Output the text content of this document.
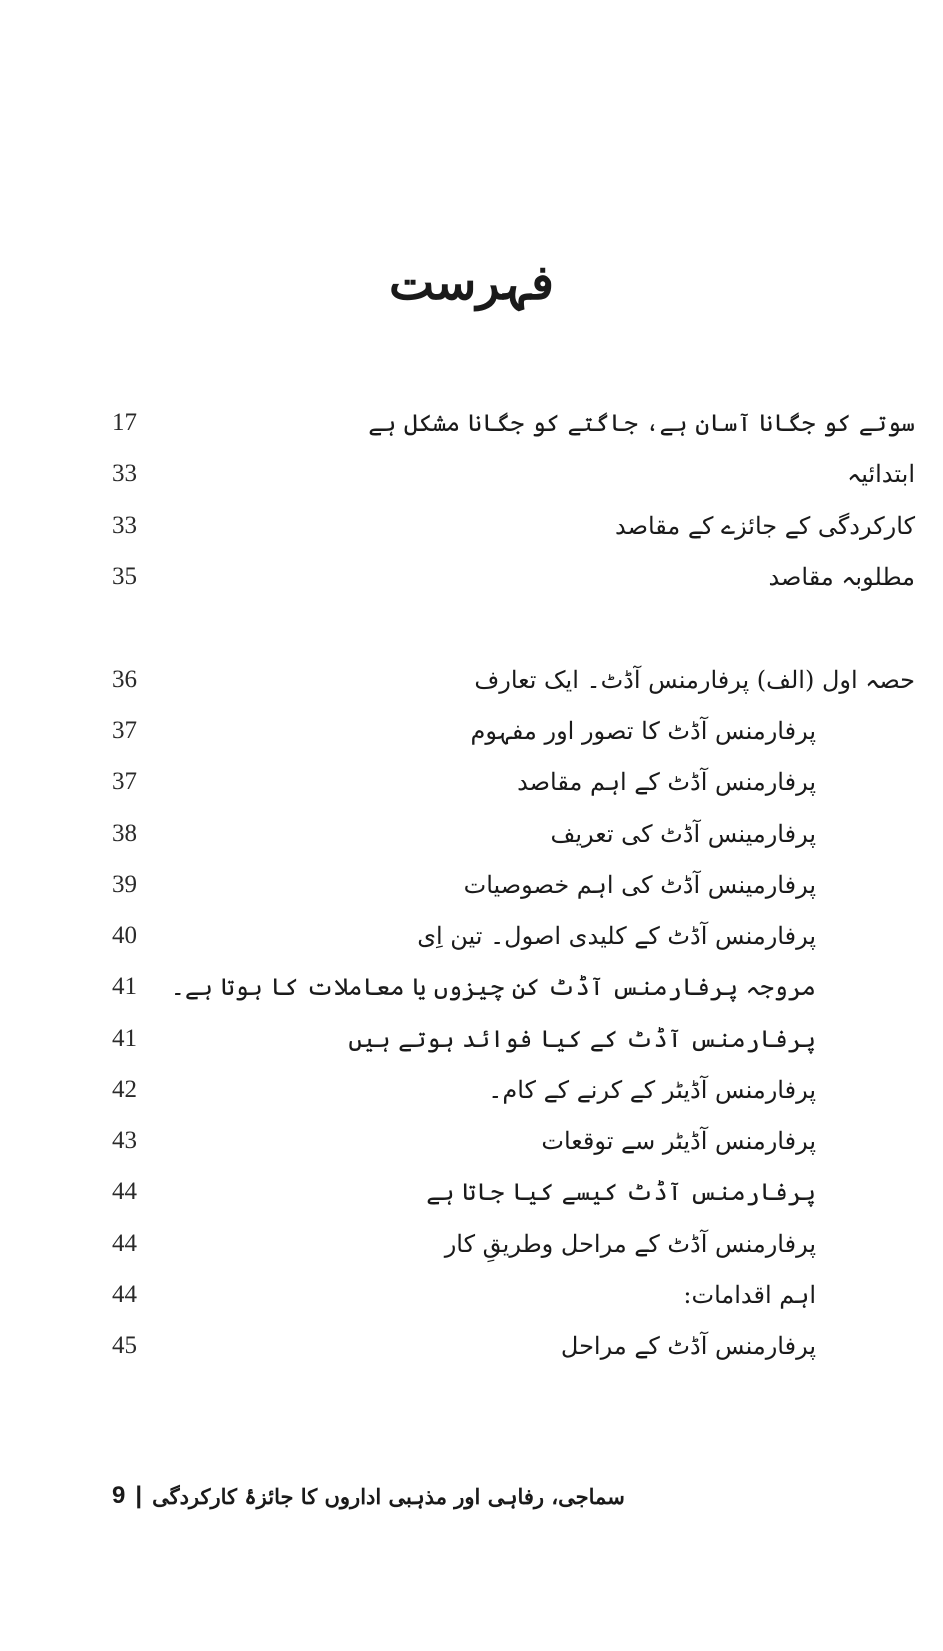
فہرست
17	سوتے کو جگانا آسان ہے، جاگتے کو جگانا مشکل ہے
33	ابتدائیہ
33	کارکردگی کے جائزے کے مقاصد
35	مطلوبہ مقاصد
36	حصہ اول (الف) پرفارمنس آڈٹ۔ ایک تعارف
37	پرفارمنس آڈٹ کا تصور اور مفہوم
37	پرفارمنس آڈٹ کے اہم مقاصد
38	پرفارمینس آڈٹ کی تعریف
39	پرفارمینس آڈٹ کی اہم خصوصیات
40	پرفارمنس آڈٹ کے کلیدی اصول۔ تین اِی
41	مروجہ پرفارمنس آڈٹ کن چیزوں یا معاملات کا ہوتا ہے۔
41	پرفارمنس آڈٹ کے کیا فوائد ہوتے ہیں
42	پرفارمنس آڈیٹر کے کرنے کے کام۔
43	پرفارمنس آڈیٹر سے توقعات
44	پرفارمنس آڈٹ کیسے کیا جاتا ہے
44	پرفارمنس آڈٹ کے مراحل وطریقِ کار
44	اہم اقدامات:
45	پرفارمنس آڈٹ کے مراحل
9 | سماجی، رفاہی اور مذہبی اداروں کا جائزۂ کارکردگی
